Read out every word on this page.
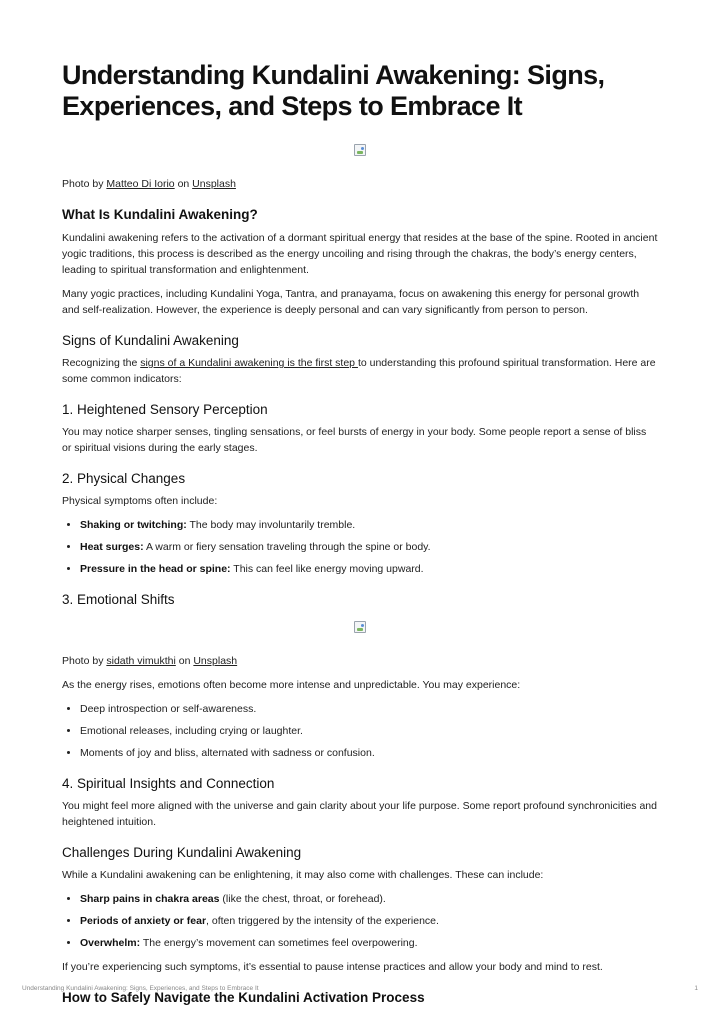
Understanding Kundalini Awakening: Signs, Experiences, and Steps to Embrace It

Photo by Matteo Di Iorio on Unsplash

What Is Kundalini Awakening?

Kundalini awakening refers to the activation of a dormant spiritual energy that resides at the base of the spine. Rooted in ancient yogic traditions, this process is described as the energy uncoiling and rising through the chakras, the body’s energy centers, leading to spiritual transformation and enlightenment.

Many yogic practices, including Kundalini Yoga, Tantra, and pranayama, focus on awakening this energy for personal growth and self-realization. However, the experience is deeply personal and can vary significantly from person to person.

Signs of Kundalini Awakening

Recognizing the signs of a Kundalini awakening is the first step to understanding this profound spiritual transformation. Here are some common indicators:

1. Heightened Sensory Perception

You may notice sharper senses, tingling sensations, or feel bursts of energy in your body. Some people report a sense of bliss or spiritual visions during the early stages.

2. Physical Changes

Physical symptoms often include:

• Shaking or twitching: The body may involuntarily tremble.
• Heat surges: A warm or fiery sensation traveling through the spine or body.
• Pressure in the head or spine: This can feel like energy moving upward.
3. Emotional Shifts

Photo by sidath vimukthi on Unsplash

As the energy rises, emotions often become more intense and unpredictable. You may experience:

• Deep introspection or self-awareness.
• Emotional releases, including crying or laughter.
• Moments of joy and bliss, alternated with sadness or confusion.
4. Spiritual Insights and Connection

You might feel more aligned with the universe and gain clarity about your life purpose. Some report profound synchronicities and heightened intuition.

Challenges During Kundalini Awakening

While a Kundalini awakening can be enlightening, it may also come with challenges. These can include:

• Sharp pains in chakra areas (like the chest, throat, or forehead).
• Periods of anxiety or fear, often triggered by the intensity of the experience.
• Overwhelm: The energy’s movement can sometimes feel overpowering.

If you’re experiencing such symptoms, it’s essential to pause intense practices and allow your body and mind to rest.

How to Safely Navigate the Kundalini Activation Process
Understanding Kundalini Awakening: Signs, Experiences, and Steps to Embrace It	1
